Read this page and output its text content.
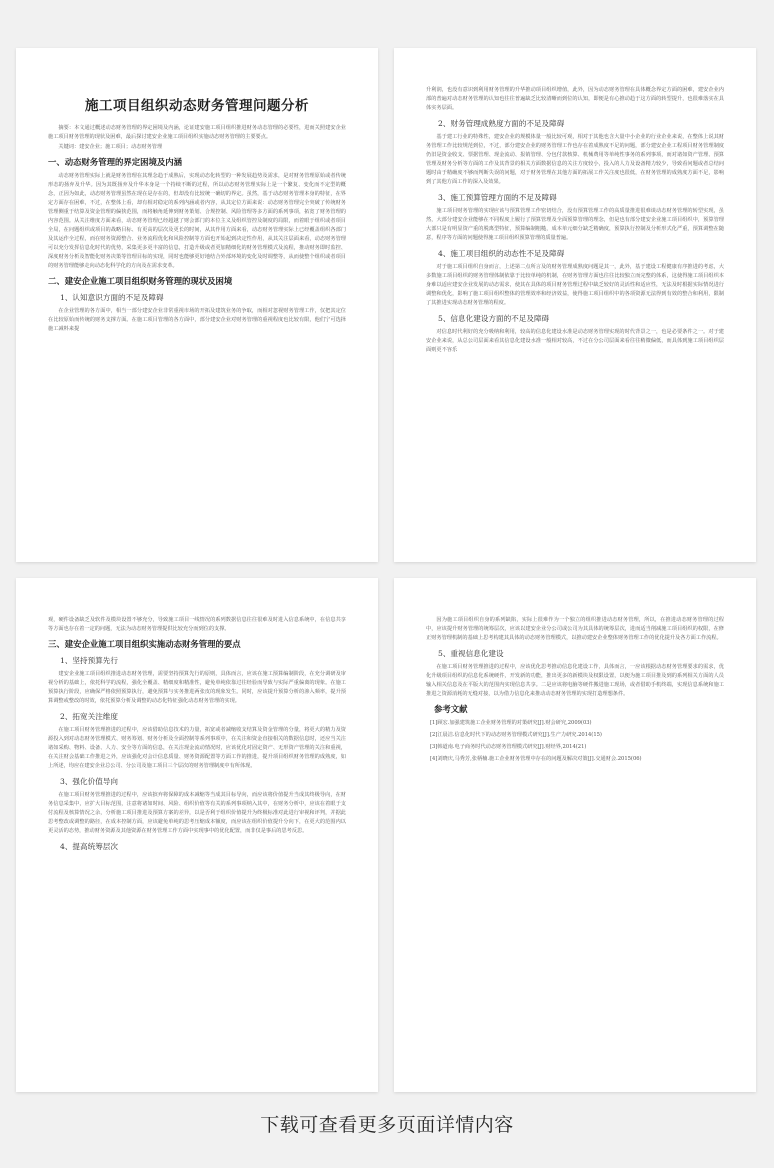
施工项目组织动态财务管理问题分析

摘要：本文通过概述动态财务管理的界定困境及内涵，论证建安施工项目组织推进财务动态管理的必要性，进而关照建安企业施工项目财务管理的现状及困难，最后探讨建安企业施工项目组织实施动态财务管理的主要要点。

关键词：建安企业；施工项目；动态财务管理

一、动态财务管理的界定困境及内涵

动态财务管理实际上就是财务管理在其理念趋于成熟后，实现动态化转型的一种发展趋势及需求，是对财务管理原始或者传统形态的扬弃及升华。因为其既扬弃及升华本身是一个持续不断的过程，所以动态财务管理实际上是一个繁复、变化而不定型的概念，正因为如此，动态财务管理虽然在现在是存在的，但却没有比较统一确切的界定。虽然，基于动态财务管理本身的特征，在界定方面存在困难，不过，在整体上看，却有相对稳定的系列内涵或者内容，从其定位方面来说：动态财务管理完全突破了传统财务管理侧重于结算及资金管理的偏狭范围，而将触角延伸到财务策划、合规控制、风险管理等多方面的系列事项，拓宽了财务管理的内容范围。从关注维度方面来看，动态财务管理已经超越了财会部门的本位主义及组织管控及制度的局限，而着眼于组织或者项目全局，在问题组织或项目的战略目标、有更高的层次及更长的时间，从其作用方面来看，动态财务管理实际上已经覆盖组织各部门及其运作全过程，而在财务资源整合、业务流程优化和风险控制等方面也开始起到决定性作用，从其关注层面来看，动态财务管理可以充分发挥信息化时代的优势，采集更多更丰富的信息，打造升级或者更加精细化的财务管理模式及流程，推动财务即时监控、深度财务分析及智能化财务决策等管理目标的实现，同时也能够更好地结合外部环境的变化及时调整等，从而使整个组织或者项目的财务管理能够走向动态化科学化的方向及在需求变革。

二、建安企业施工项目组织财务管理的现状及困境
1、认知意识方面的不足及障碍

在企业管理的各方面中，相当一部分建安企业非常重视市场的开拓及建筑业务的争取，而相对忽视财务管理工作，仅把其定位在比较原始而传统的财务支撑方面。在施工项目管理的各方面中，部分建安企业对财务管理的重视程度也比较有限，他们宁可选择施工减料来提

升利润，也没有意识到利用财务管理的升华推动项目组织增值，此外，因为动态财务管理在具体概念界定方面的困难，建安企业内部的普遍对动态财务管理的认知也往往普遍缺乏比较清晰而到位的认知，即便是有心推动趋于这方面的转型提升，也很难落实在具体实务层面。

2、财务管理成熟度方面的不足及障碍

基于建工行业的特殊性，建安企业的规模体量一般比较可观，相对于其他也含大量中小企业的行业企业来说，在整体上说其财务管理工作比较规范到位，不过，部分建安企业的财务管理工作也存在着成熟度不足的问题，部分建安企业工程项目财务管理制度仍旧是资金收支、票据管理、现金流动、报销管理、分包付款核算、机械费用等单纯性事务的系列事项，而对诸如资产管理、预算管理及财务分析等方面的工作及其背景的相关方面数据信息的关注方度较小，投入的人力及设备精力较少，导致看问题或者总结问题时由于精确度不够而判断失误的问题，对于财务管理在其他方面的拓展工作关注度也很低，在财务管理的成熟度方面不足，影响到了其他方面工作的深入及效果。

3、施工预算管理方面的不足及障碍

施工项目财务管理的实现应该与预算管理工作密切结合，没有预算管理工作的高质量推进很难谈动态财务管理的转型实现，虽然，大部分建安企业能够在不同程度上履行了预算管理及全面预算管理的理念，但是也有部分建安企业施工项目组织中，预算管理大部只是有明显资产重的脱离型特征，预算编制粗糙，成本单元细分缺乏精确度，预算执行控制及分析形式化严重，预算调整在随意，程序等方面的问题使得施工项目组织预算管理的质量普遍。

4、施工项目组织的动态性不足及障碍

对于施工项目组织自身而言，上述第二点所言及的财务管理成熟度问题是其一，此外，基于建设工程健康有序推进的考虑，大多数施工项目组织的财务管理体制依靠于比较单纯的机制，在财务管理方面也往往比较独立而完整的体系，这使得施工项目组织本身难以适应建安企业发展的动态需求，使其在具体的项目财务管理过程中缺乏较好的灵活性和适应性，无法及时根据实际情况进行调整和优化，影响了施工项目组织整体的管理效率和经济效益，使得施工项目组织中的各项资源无法得到有效的整合和利用，限制了其推进实现动态财务管理的程度。

5、信息化建设方面的不足及障碍

对信息时代利好的充分吸纳和利用，较高的信息化建设水准是动态财务管理实现的时代背景之一，也是必要条件之一。对于建安企业来说，从总公司层面来看其信息化建设水准一般相对较高，不过在分公司层面来看往往稍微偏低，而具体到施工项目组织层面则更不容乐

观，硬件设备缺乏及软件及模块设置不够充分，导致施工项目一线情况的系列数据信息往往很难及时进入信息系统中，在信息共享等方面也存在着一定的问题，无法为动态财务管理提供比较充分而到位的支撑。

三、建安企业施工项目组织实施动态财务管理的要点
1、坚持预算先行

建安企业施工项目组织推进动态财务管理，需要坚持预算先行的原则，具体而言，应该在施工预算编制阶段，在充分调研及审视分析的基础上，依托科学的流程，强化全覆盖、精细度和精准性，避免单纯依靠过往经验而导致与实际严重偏离的现象。在施工预算执行阶段，应确保严格依照预算执行，避免预算与实务推进两张皮的现象发生。同时，应该提升预算分析的渗入频率，提升预算调整或整改的时效，依托预算分析及调整的动态化特征强化动态财务管理的实现。

2、拓宽关注维度

在施工项目财务管理推进的过程中，应该借助信息技术的力量，拓宽或者减缩收支结算及资金管理的分量，将更大的精力及资源投入到对动态财务管理模式、财务筹划、财务分析及全面控制等系列事项中，在关注和资金直接相关的数据信息时，还应当关注诸如采购、物料、设备、人力、安全等方面的信息，在关注现金流动情况时，应该优化对固定资产、无形资产管理的关注和重视，在关注财会基础工作推进之外，应该强化对会计信息质量、财务资源配置等方面工作的推进，提升项目组织财务管理的成熟度，如上所述，均应在建安企业总公司、分公司及施工项目三个层次的财务管理制度中有所体现。

3、强化价值导向

在施工项目财务管理推进的过程中，应该摈弃将保障的成本减缩等当成其目标导向，而应该将价值提升当成其终极导向，在财务信息采集中，应扩大目标范围，注意将诸如时间、风险、组织价值等有关的系列事项纳入其中，在财务分析中，应该在着眼于支付流程及核算情况之余，分析施工项目推进及预算方案的差异，以是否利于组织价值提升为终极标准对此进行审视和评判，并据此思考整改或调整的路径，在成本控制方面，应该避免单纯的思考压缩成本额度，而应该在组织价值提升分向下，在更大的范围内以更灵活的态势，推动财务资源及其他资源在财务管理工作方面中实现事中的优化配置，而非仅是事后的思考反思。

4、提高统筹层次

因为施工项目组织自身的系列缺陷，实际上很难作为一个独立的组织推进动态财务管理，所以，在推进动态财务管理的过程中，应该提升财务管理的统筹层次，应该以建安企业分公司或公司为其具体的统筹层次，进而适当削减施工项目组织的权限，在修正财务管理机制的基础上思考构建其具体的动态财务管理模式，以推动建安企业整体财务管理工作的优化提升及各方面工作流程。

5、重视信息化建设

在施工项目财务管理推进的过程中，应该优化思考推动信息化建设工作，具体而言，一应该根据动态财务管理要求的需求，优化升级项目组织的信息化系统硬件，开发新的功能，推出更多的新模块及权限设置，以便为施工项目推及到的系列相关方面的人员输入相关信息及在平版大的范围内实现信息共享。二是应该将电脑等硬件搬进施工现场，或者借助手机终端，实现信息系统和施工推进之资源消耗的无缝对接，以为借力信息化来推动动态财务管理的实现打造理想条件。

参考文献
[1]顾宏.加强建筑施工企业财务管理的对策研究[J].财会研究,2009(03)
[2]江晨洁.信息化时代下的动态财务管理模式研究[J].生产力研究.2014(15)
[3]韩道南.电子商务时代动态财务管理模式研究[J].财经界,2014(21)
[4]刘晓庆,马秀芳,张柄楠.施工企业财务管理中存在的问题及解决对策[J].交通财会.2015(06)
下载可查看更多页面详情内容
